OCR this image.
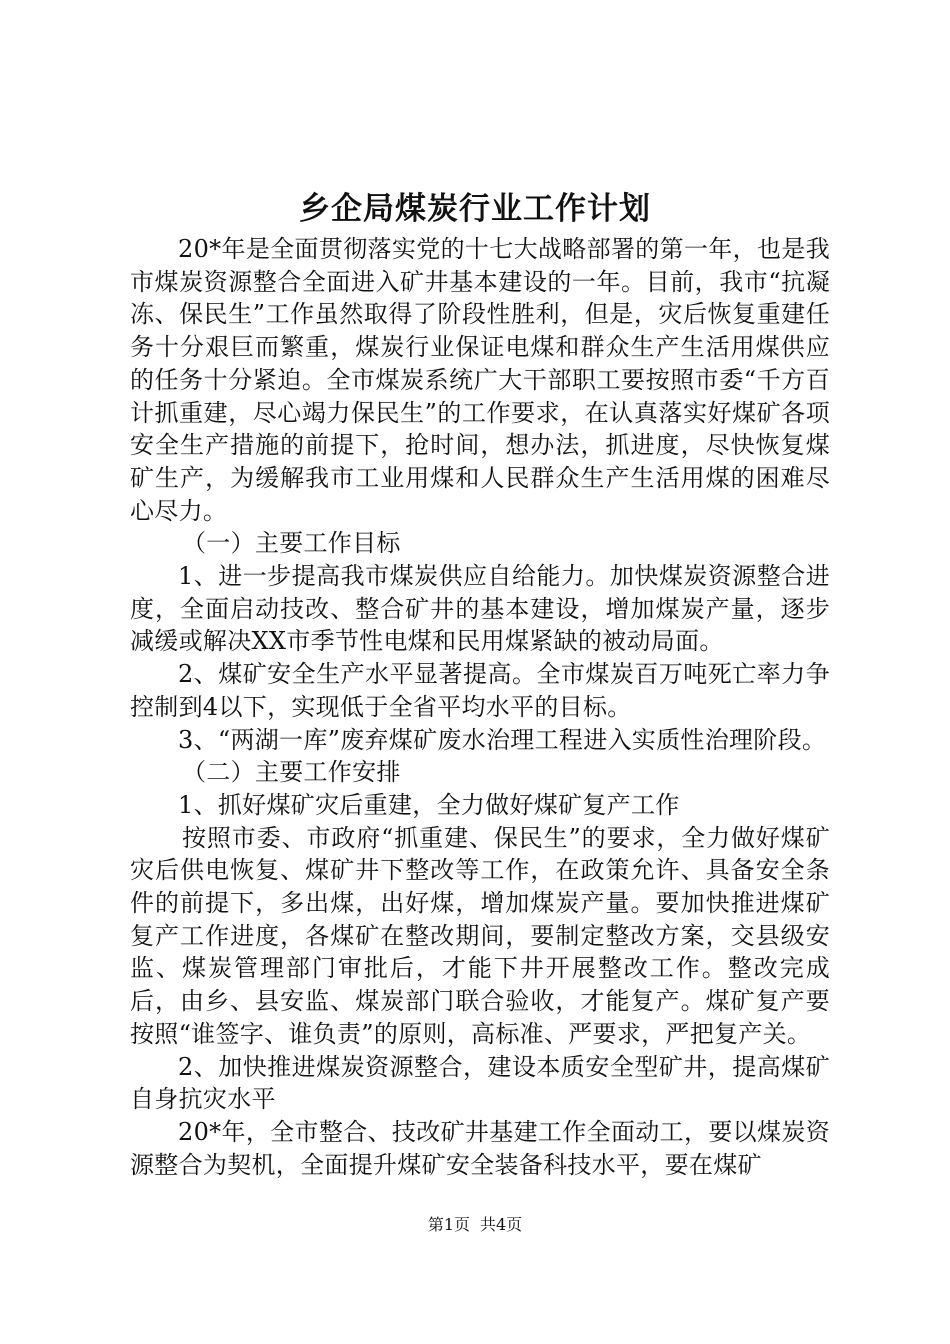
乡企局煤炭行业工作计划

20*年是全面贯彻落实党的十七大战略部署的第一年，也是我市煤炭资源整合全面进入矿井基本建设的一年。目前，我市“抗凝冻、保民生”工作虽然取得了阶段性胜利，但是，灾后恢复重建任务十分艰巨而繁重，煤炭行业保证电煤和群众生产生活用煤供应的任务十分紧迫。全市煤炭系统广大干部职工要按照市委“千方百计抓重建，尽心竭力保民生”的工作要求，在认真落实好煤矿各项安全生产措施的前提下，抢时间，想办法，抓进度，尽快恢复煤矿生产，为缓解我市工业用煤和人民群众生产生活用煤的困难尽心尽力。

（一）主要工作目标

1、进一步提高我市煤炭供应自给能力。加快煤炭资源整合进度，全面启动技改、整合矿井的基本建设，增加煤炭产量，逐步减缓或解决XX市季节性电煤和民用煤紧缺的被动局面。

2、煤矿安全生产水平显著提高。全市煤炭百万吨死亡率力争控制到4以下，实现低于全省平均水平的目标。

3、“两湖一库”废弃煤矿废水治理工程进入实质性治理阶段。

（二）主要工作安排

1、抓好煤矿灾后重建，全力做好煤矿复产工作

按照市委、市政府“抓重建、保民生”的要求，全力做好煤矿灾后供电恢复、煤矿井下整改等工作，在政策允许、具备安全条件的前提下，多出煤，出好煤，增加煤炭产量。要加快推进煤矿复产工作进度，各煤矿在整改期间，要制定整改方案，交县级安监、煤炭管理部门审批后，才能下井开展整改工作。整改完成后，由乡、县安监、煤炭部门联合验收，才能复产。煤矿复产要按照“谁签字、谁负责”的原则，高标准、严要求，严把复产关。

2、加快推进煤炭资源整合，建设本质安全型矿井，提高煤矿自身抗灾水平

20*年，全市整合、技改矿井基建工作全面动工，要以煤炭资源整合为契机，全面提升煤矿安全装备科技水平，要在煤矿

第1页 共4页
